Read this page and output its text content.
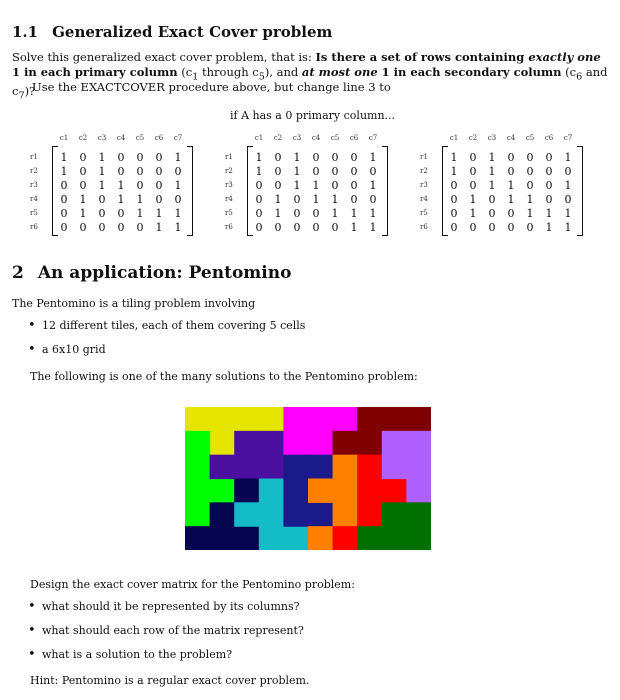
1.1 Generalized Exact Cover problem
Solve this generalized exact cover problem, that is: Is there a set of rows containing exactly one 1 in each primary column ($c_1$ through $c_5$), and at most one 1 in each secondary column ($c_6$ and $c_7$)?
Use the EXACTCOVER procedure above, but change line 3 to
if A has a 0 primary column...
c1 c2 c3 c4 c5 c6 c7
r1 1 0 1 0 0 0 1
r2 1 0 1 0 0 0 0
r3 0 0 1 1 0 0 1
r4 0 1 0 1 1 0 0
r5 0 1 0 0 1 1 1
r6 0 0 0 0 0 1 1
c1 c2 c3 c4 c5 c6 c7
r1 1 0 1 0 0 0 1
r2 1 0 1 0 0 0 0
r3 0 0 1 1 0 0 1
r4 0 1 0 1 1 0 0
r5 0 1 0 0 1 1 1
r6 0 0 0 0 0 1 1
c1 c2 c3 c4 c5 c6 c7
r1 1 0 1 0 0 0 1
r2 1 0 1 0 0 0 0
r3 0 0 1 1 0 0 1
r4 0 1 0 1 1 0 0
r5 0 1 0 0 1 1 1
r6 0 0 0 0 0 1 1
2 An application: Pentomino
The Pentomino is a tiling problem involving
• 12 different tiles, each of them covering 5 cells
• a 6x10 grid
The following is one of the many solutions to the Pentomino problem:
Design the exact cover matrix for the Pentomino problem:
• what should it be represented by its columns?
• what should each row of the matrix represent?
• what is a solution to the problem?
Hint: Pentomino is a regular exact cover problem.
